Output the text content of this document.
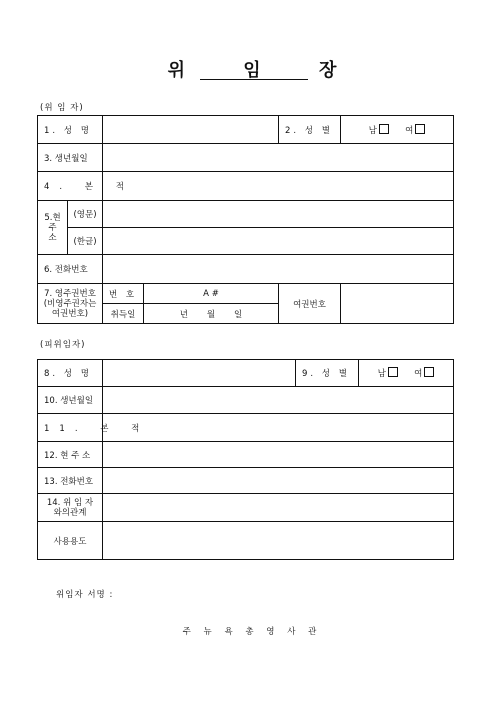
위 임 장
(위 임 자)
1. 성 명				2. 성 별	남 여
3. 생년월일					
4. 본 적					
5.현
주
소	(영문)				
	(한글)				
6. 전화번호					
7. 영주권번호
(비영주권자는
여권번호)		번 호	A #	여권번호	
		취득일	년 월 일		
(피위임자)
8. 성 명		9. 성 별	남 여
10. 생년월일			
11. 본 적			
12. 현 주 소			
13. 전화번호			
14. 위 임 자
와의관계			
사용용도			
위임자 서명 :
주 뉴 욕 총 영 사 관
